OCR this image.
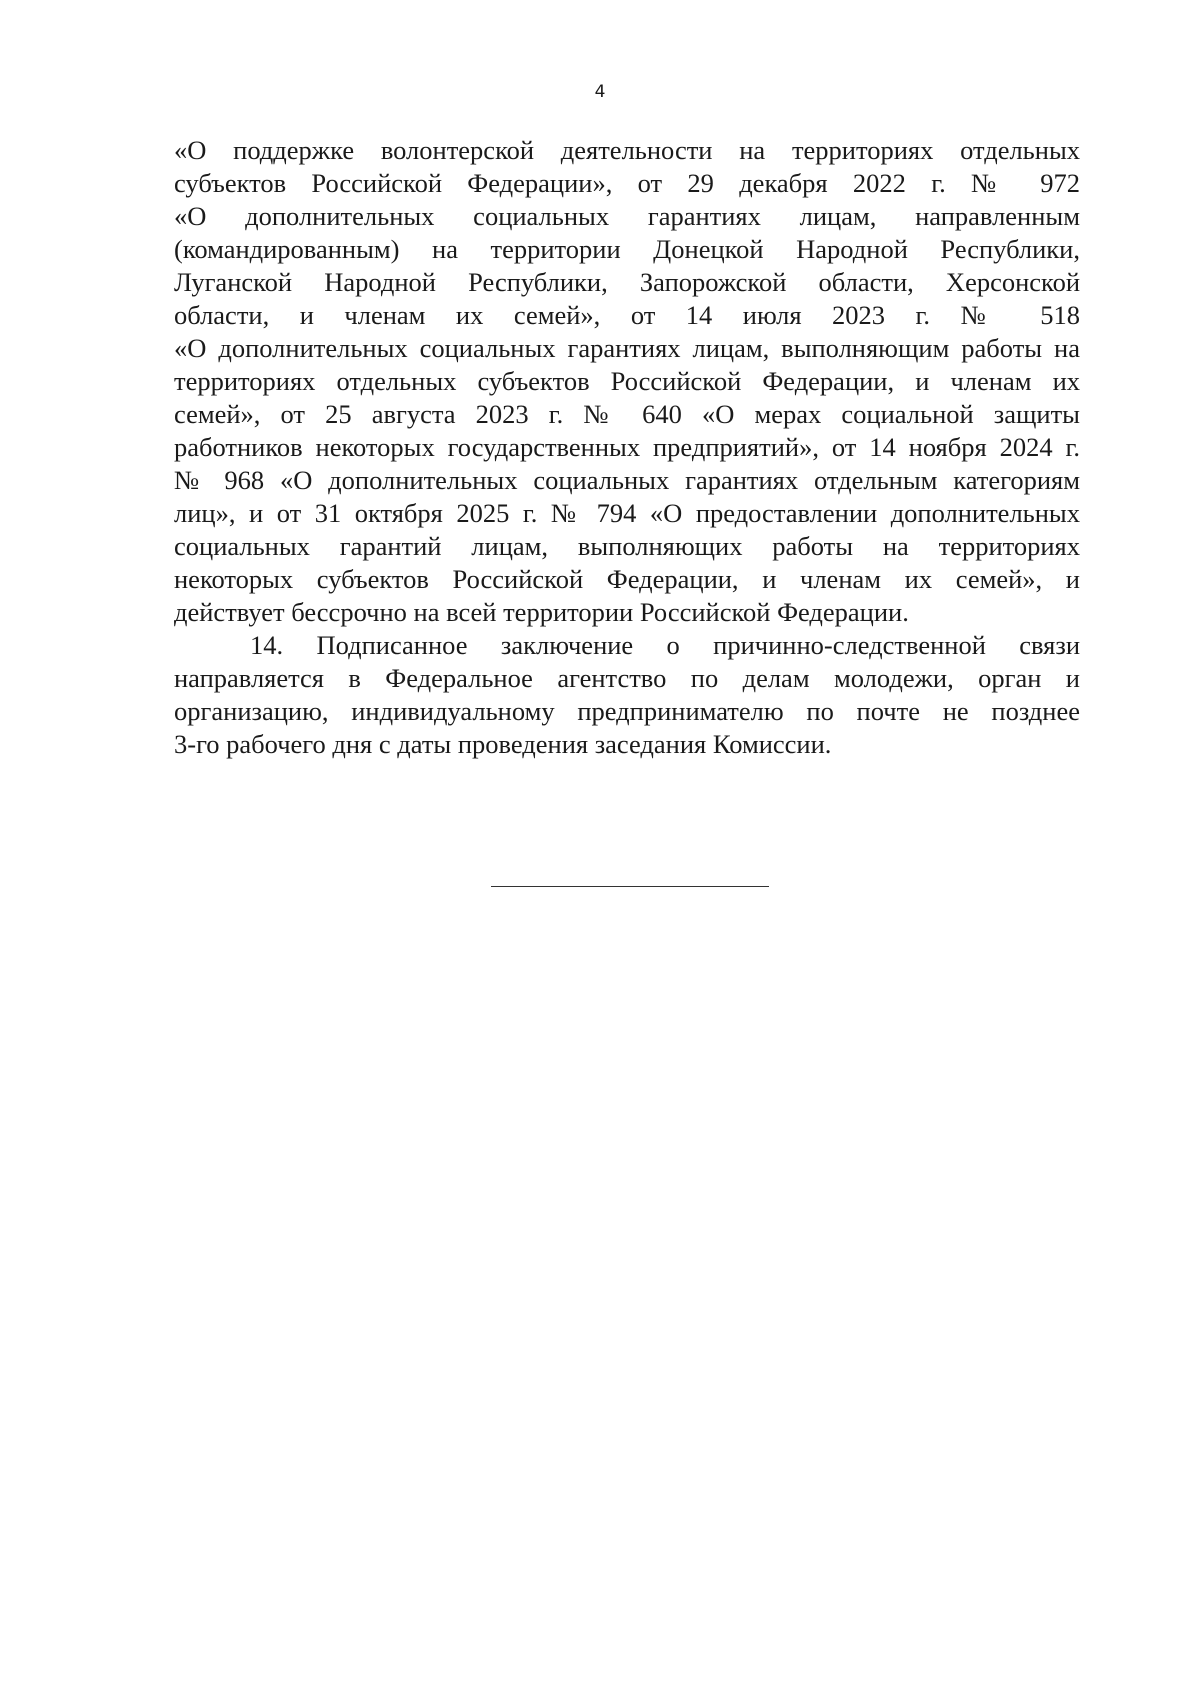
4
«О поддержке волонтерской деятельности на территориях отдельных
субъектов Российской Федерации», от 29 декабря 2022 г. № 972
«О дополнительных социальных гарантиях лицам, направленным
(командированным) на территории Донецкой Народной Республики,
Луганской Народной Республики, Запорожской области, Херсонской
области, и членам их семей», от 14 июля 2023 г. № 518
«О дополнительных социальных гарантиях лицам, выполняющим работы на
территориях отдельных субъектов Российской Федерации, и членам их
семей», от 25 августа 2023 г. № 640 «О мерах социальной защиты
работников некоторых государственных предприятий», от 14 ноября 2024 г.
№ 968 «О дополнительных социальных гарантиях отдельным категориям
лиц», и от 31 октября 2025 г. № 794 «О предоставлении дополнительных
социальных гарантий лицам, выполняющих работы на территориях
некоторых субъектов Российской Федерации, и членам их семей», и
действует бессрочно на всей территории Российской Федерации.
14. Подписанное заключение о причинно-следственной связи
направляется в Федеральное агентство по делам молодежи, орган и
организацию, индивидуальному предпринимателю по почте не позднее
3-го рабочего дня с даты проведения заседания Комиссии.
